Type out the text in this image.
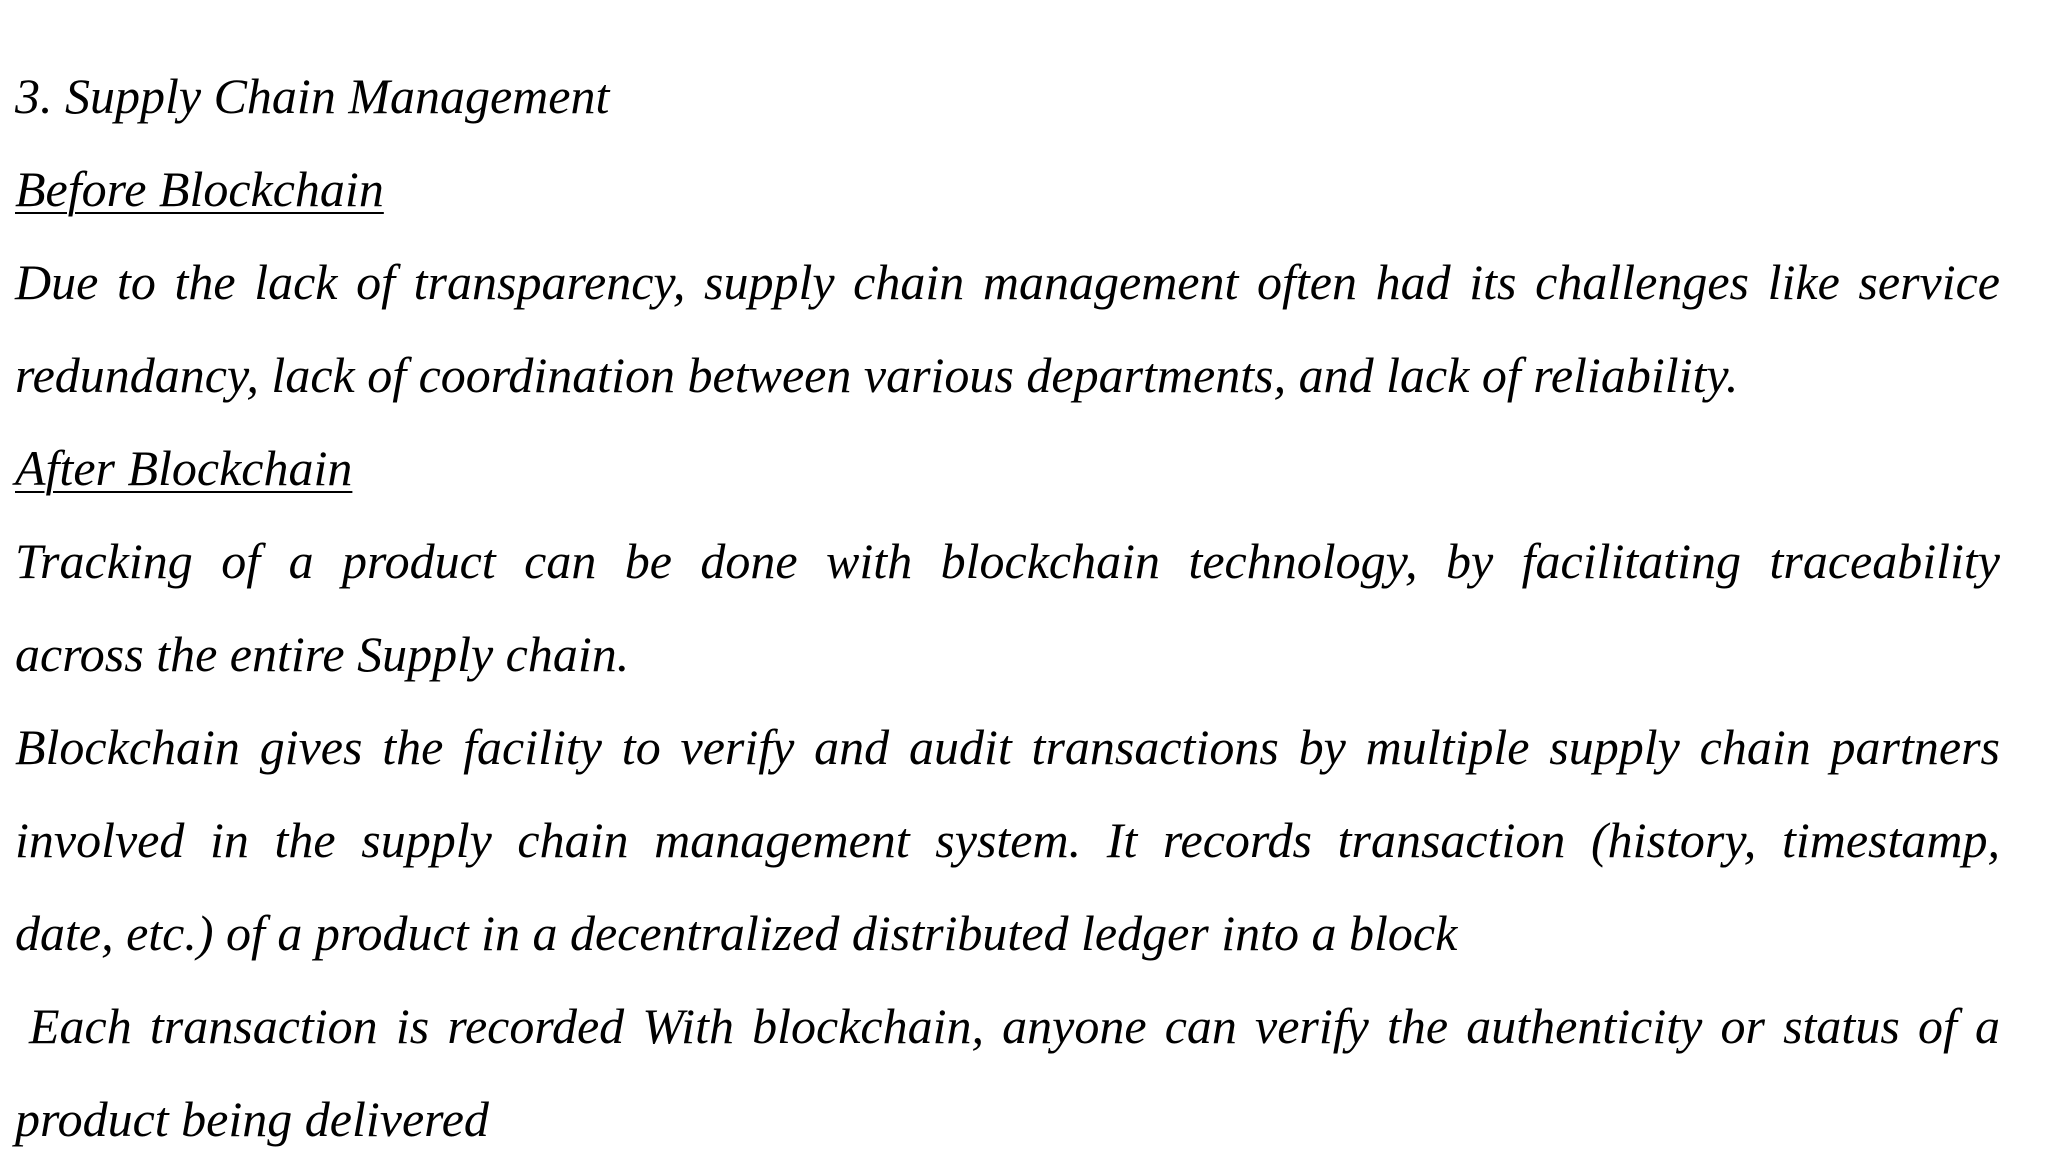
3. Supply Chain Management

Before Blockchain

Due to the lack of transparency, supply chain management often had its challenges like service

redundancy, lack of coordination between various departments, and lack of reliability.

After Blockchain

Tracking of a product can be done with blockchain technology, by facilitating traceability

across the entire Supply chain.

Blockchain gives the facility to verify and audit transactions by multiple supply chain partners

involved in the supply chain management system. It records transaction (history, timestamp,

date, etc.) of a product in a decentralized distributed ledger into a block

Each transaction is recorded With blockchain, anyone can verify the authenticity or status of a

product being delivered
